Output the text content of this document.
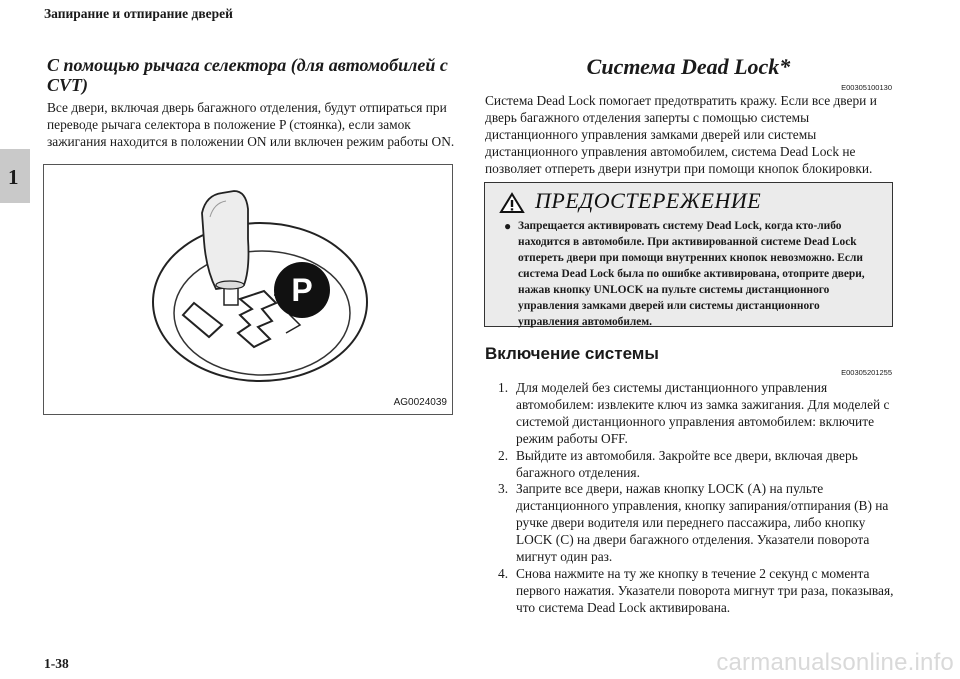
Запирание и отпирание дверей
1
С помощью рычага селектора (для автомобилей с CVT)
Все двери, включая дверь багажного отделения, будут отпираться при переводе рычага селектора в положение P (стоянка), если замок зажигания находится в положении ON или включен режим работы ON.
P
AG0024039
Система Dead Lock*
E00305100130
Система Dead Lock помогает предотвратить кражу. Если все двери и дверь багажного отделения заперты с помощью системы дистанционного управления замками дверей или системы дистанционного управления автомобилем, система Dead Lock не позволяет отпереть двери изнутри при помощи кнопок блокировки.
ПРЕДОСТЕРЕЖЕНИЕ
● Запрещается активировать систему Dead Lock, когда кто-либо находится в автомобиле. При активированной системе Dead Lock отпереть двери при помощи внутренних кнопок невозможно. Если система Dead Lock была по ошибке активирована, отоприте двери, нажав кнопку UNLOCK на пульте системы дистанционного управления замками дверей или системы дистанционного управления автомобилем.
Включение системы
E00305201255
1. Для моделей без системы дистанционного управления автомобилем: извлеките ключ из замка зажигания. Для моделей с системой дистанционного управления автомобилем: включите режим работы OFF.
2. Выйдите из автомобиля. Закройте все двери, включая дверь багажного отделения.
3. Заприте все двери, нажав кнопку LOCK (A) на пульте дистанционного управления, кнопку запирания/отпирания (B) на ручке двери водителя или переднего пассажира, либо кнопку LOCK (C) на двери багажного отделения. Указатели поворота мигнут один раз.
4. Снова нажмите на ту же кнопку в течение 2 секунд с момента первого нажатия. Указатели поворота мигнут три раза, показывая, что система Dead Lock активирована.
1-38	carmanualsonline.info
